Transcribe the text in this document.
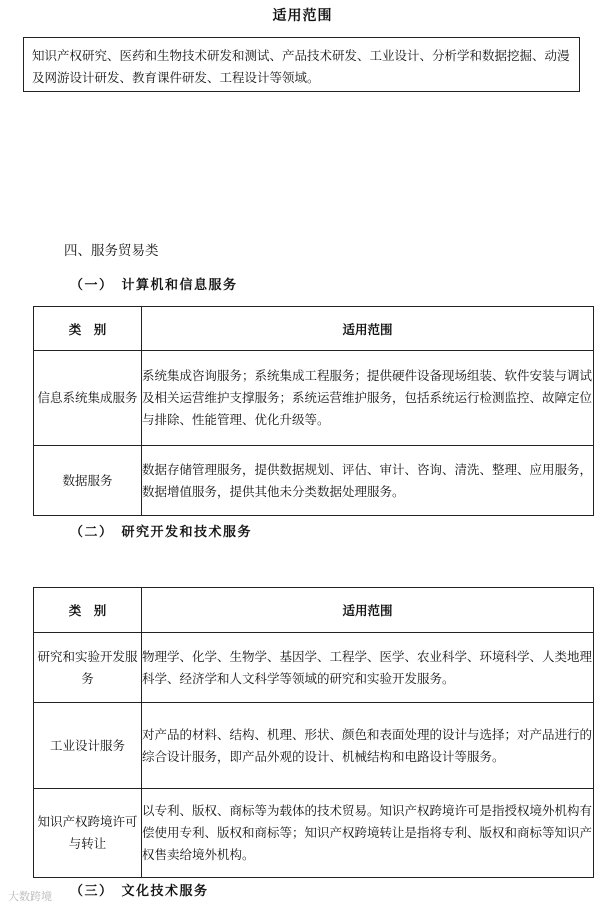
适用范围
知识产权研究、医药和生物技术研发和测试、产品技术研发、工业设计、分析学和数据挖掘、动漫及网游设计研发、教育课件研发、工程设计等领域。
四、服务贸易类
（一）　计算机和信息服务
类　别	适用范围
信息系统集成服务	系统集成咨询服务；系统集成工程服务；提供硬件设备现场组装、软件安装与调试及相关运营维护支撑服务；系统运营维护服务，包括系统运行检测监控、故障定位与排除、性能管理、优化升级等。
数据服务	数据存储管理服务，提供数据规划、评估、审计、咨询、清洗、整理、应用服务，数据增值服务，提供其他未分类数据处理服务。
（二）　研究开发和技术服务
类　别	适用范围
研究和实验开发服务	物理学、化学、生物学、基因学、工程学、医学、农业科学、环境科学、人类地理科学、经济学和人文科学等领域的研究和实验开发服务。
工业设计服务	对产品的材料、结构、机理、形状、颜色和表面处理的设计与选择；对产品进行的综合设计服务，即产品外观的设计、机械结构和电路设计等服务。
知识产权跨境许可与转让	以专利、版权、商标等为载体的技术贸易。知识产权跨境许可是指授权境外机构有偿使用专利、版权和商标等；知识产权跨境转让是指将专利、版权和商标等知识产权售卖给境外机构。
（三）　文化技术服务
大数跨境
